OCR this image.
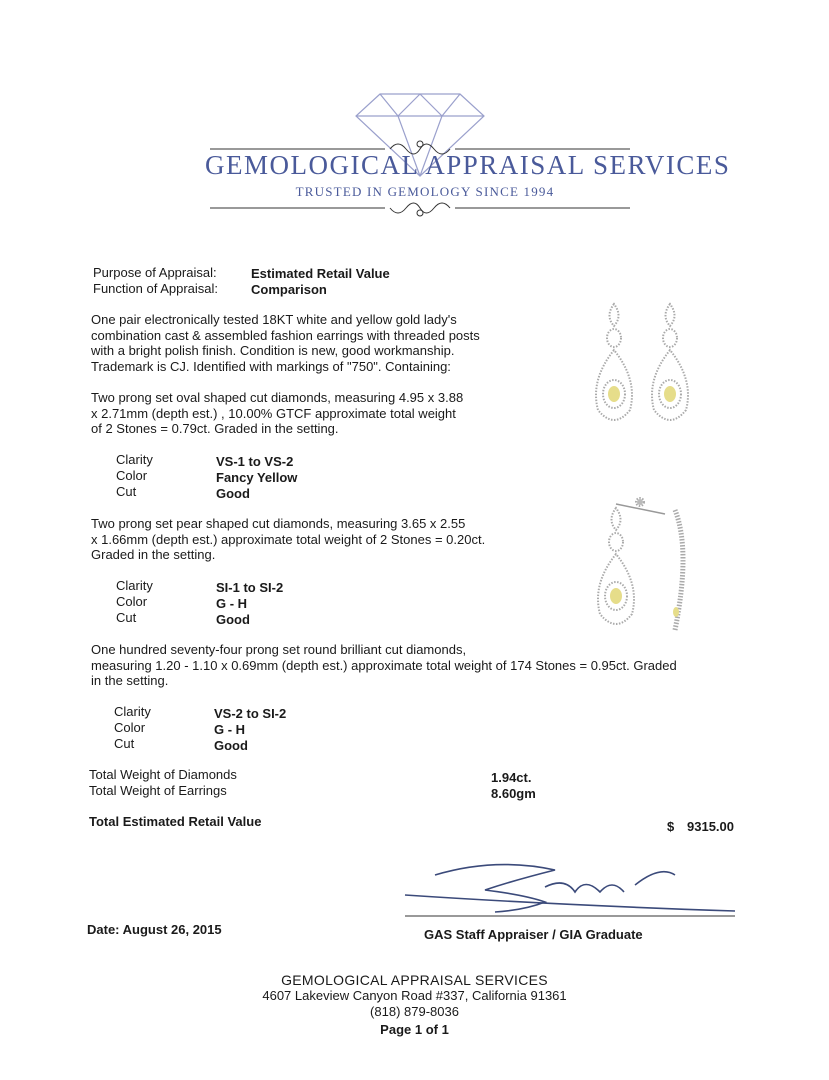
GEMOLOGICAL APPRAISAL SERVICES
TRUSTED IN GEMOLOGY SINCE 1994
Purpose of Appraisal:	Estimated Retail Value
Function of Appraisal:	Comparison
One pair electronically tested 18KT white and yellow gold lady's
combination cast & assembled fashion earrings with threaded posts
with a bright polish finish. Condition is new, good workmanship.
Trademark is CJ. Identified with markings of "750". Containing:
Two prong set oval shaped cut diamonds, measuring 4.95 x 3.88
x 2.71mm (depth est.) , 10.00% GTCF approximate total weight
of 2 Stones = 0.79ct. Graded in the setting.
Clarity	VS-1 to VS-2
Color	Fancy Yellow
Cut	Good
Two prong set pear shaped cut diamonds, measuring 3.65 x 2.55
x 1.66mm (depth est.) approximate total weight of 2 Stones = 0.20ct.
Graded in the setting.
Clarity	SI-1 to SI-2
Color	G - H
Cut	Good
One hundred seventy-four prong set round brilliant cut diamonds,
measuring 1.20 - 1.10 x 0.69mm (depth est.) approximate total weight of 174 Stones = 0.95ct. Graded
in the setting.
Clarity	VS-2 to SI-2
Color	G - H
Cut	Good
Total Weight of Diamonds	1.94ct.
Total Weight of Earrings	8.60gm
Total Estimated Retail Value	$ 9315.00
Date: August 26, 2015	GAS Staff Appraiser / GIA Graduate
GEMOLOGICAL APPRAISAL SERVICES
4607 Lakeview Canyon Road #337, California 91361
(818) 879-8036
Page 1 of 1
